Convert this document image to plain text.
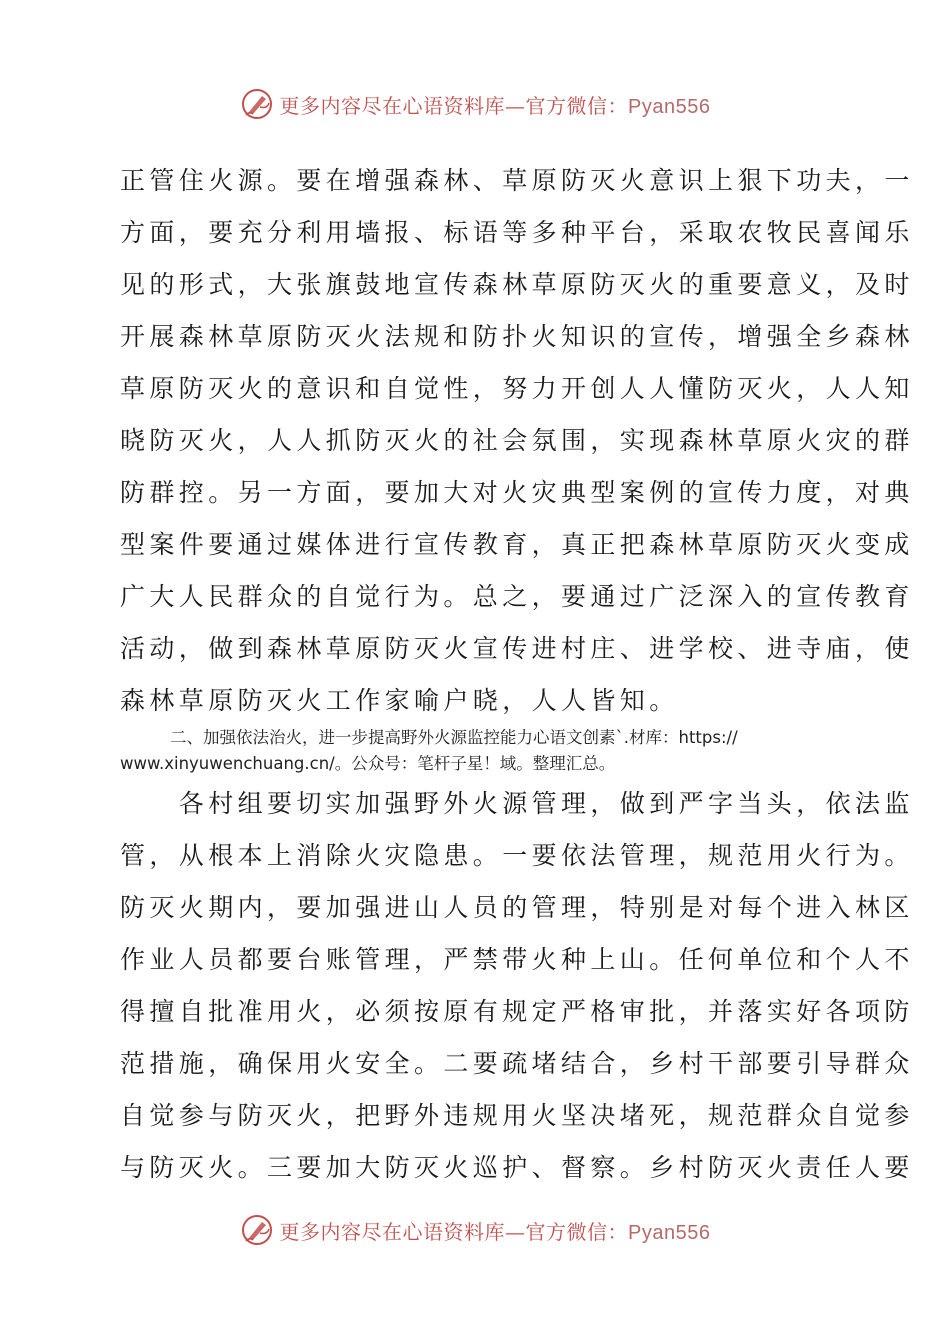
更多内容尽在心语资料库—官方微信：Pyan556
正管住火源。要在增强森林、草原防灭火意识上狠下功夫，一
方面，要充分利用墙报、标语等多种平台，采取农牧民喜闻乐
见的形式，大张旗鼓地宣传森林草原防灭火的重要意义，及时
开展森林草原防灭火法规和防扑火知识的宣传，增强全乡森林
草原防灭火的意识和自觉性，努力开创人人懂防灭火，人人知
晓防灭火，人人抓防灭火的社会氛围，实现森林草原火灾的群
防群控。另一方面，要加大对火灾典型案例的宣传力度，对典
型案件要通过媒体进行宣传教育，真正把森林草原防灭火变成
广大人民群众的自觉行为。总之，要通过广泛深入的宣传教育
活动，做到森林草原防灭火宣传进村庄、进学校、进寺庙，使
森林草原防灭火工作家喻户晓，人人皆知。
二、加强依法治火，进一步提高野外火源监控能力心语文创素`.材库：https://
www.xinyuwenchuang.cn/。公众号：笔杆子星！域。整理汇总。
　　各村组要切实加强野外火源管理，做到严字当头，依法监
管，从根本上消除火灾隐患。一要依法管理，规范用火行为。
防灭火期内，要加强进山人员的管理，特别是对每个进入林区
作业人员都要台账管理，严禁带火种上山。任何单位和个人不
得擅自批准用火，必须按原有规定严格审批，并落实好各项防
范措施，确保用火安全。二要疏堵结合，乡村干部要引导群众
自觉参与防灭火，把野外违规用火坚决堵死，规范群众自觉参
与防灭火。三要加大防灭火巡护、督察。乡村防灭火责任人要
更多内容尽在心语资料库—官方微信：Pyan556
